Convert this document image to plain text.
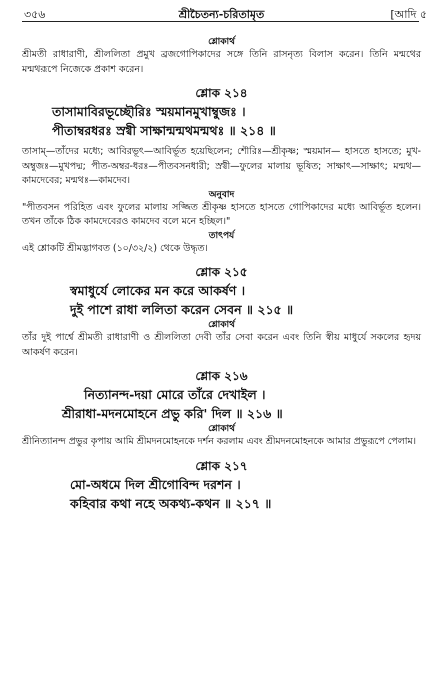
৩৫৬	শ্রীচৈতন্য-চরিতামৃত	[আদি ৫

শ্লোকার্থ

শ্রীমতী রাধারাণী, শ্রীললিতা প্রমুখ ব্রজগোপিকাদের সঙ্গে তিনি রাসনৃত্য বিলাস করেন। তিনি মন্মথের মন্মথরূপে নিজেকে প্রকাশ করেন।

শ্লোক ২১৪

তাসামাবিরভূচ্ছৌরিঃ স্ময়মানমুখাম্বুজঃ ।

পীতাম্বরধরঃ স্রগ্বী সাক্ষান্মন্মথমন্মথঃ ॥ ২১৪ ॥

তাসাম্—তাঁদের মধ্যে; আবিরভূৎ—আবির্ভূত হয়েছিলেন; শৌরিঃ—শ্রীকৃষ্ণ; স্ময়মান— হাসতে হাসতে; মুখ-অম্বুজঃ—মুখপদ্ম; পীত-অম্বর-ধরঃ—পীতবসনধারী; স্রগ্বী—ফুলের মালায় ভূষিত; সাক্ষাৎ—সাক্ষাৎ; মন্মথ—কামদেবের; মন্মথঃ—কামদেব।

অনুবাদ

"পীতবসন পরিহিত এবং ফুলের মালায় সজ্জিত শ্রীকৃষ্ণ হাসতে হাসতে গোপিকাদের মধ্যে আবির্ভূত হলেন। তখন তাঁকে ঠিক কামদেবেরও কামদেব বলে মনে হচ্ছিল।"

তাৎপর্য

এই শ্লোকটি শ্রীমদ্ভাগবত (১০/৩২/২) থেকে উদ্ধৃত।

শ্লোক ২১৫

স্বমাধুর্যে লোকের মন করে আকর্ষণ ।

দুই পাশে রাধা ললিতা করেন সেবন ॥ ২১৫ ॥

শ্লোকার্থ

তাঁর দুই পার্শ্বে শ্রীমতী রাধারাণী ও শ্রীললিতা দেবী তাঁর সেবা করেন এবং তিনি স্বীয় মাধুর্যে সকলের হৃদয় আকর্ষণ করেন।

শ্লোক ২১৬

নিত্যানন্দ-দয়া মোরে তাঁরে দেখাইল ।

শ্রীরাধা-মদনমোহনে প্রভু করি' দিল ॥ ২১৬ ॥

শ্লোকার্থ

শ্রীনিত্যানন্দ প্রভুর কৃপায় আমি শ্রীমদনমোহনকে দর্শন করলাম এবং শ্রীমদনমোহনকে আমার প্রভুরূপে পেলাম।

শ্লোক ২১৭

মো-অধমে দিল শ্রীগোবিন্দ দরশন ।

কহিবার কথা নহে অকথ্য-কথন ॥ ২১৭ ॥
